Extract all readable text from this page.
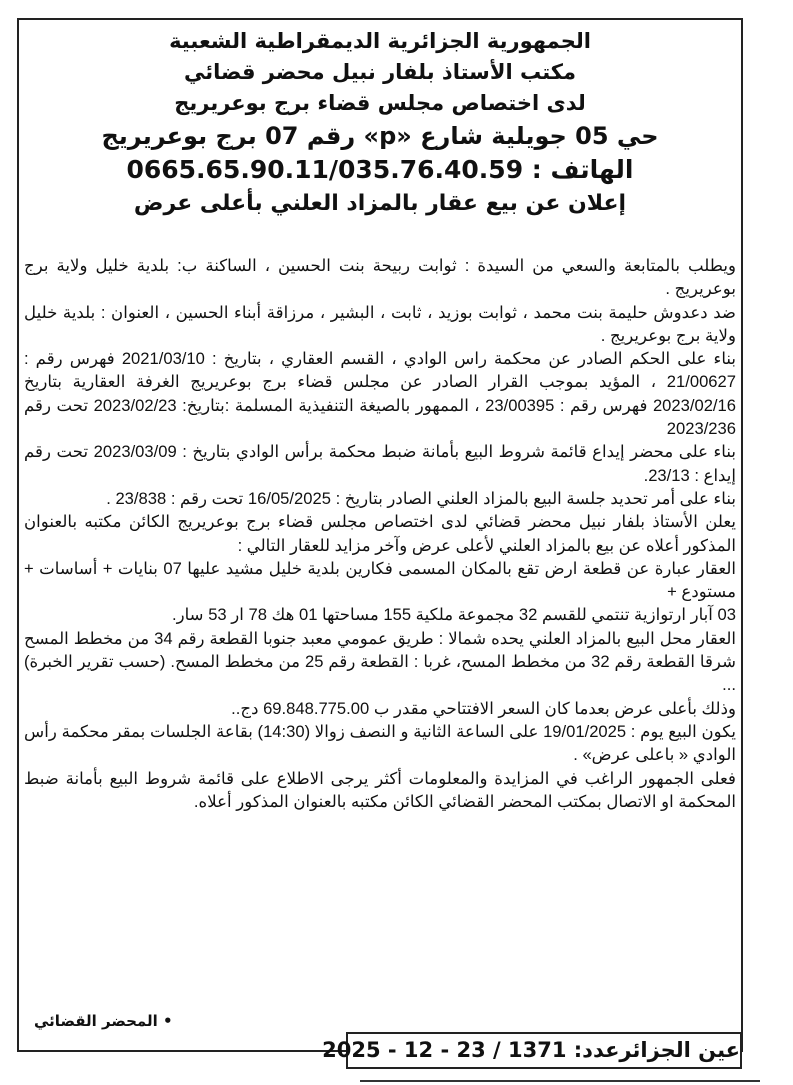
الجمهورية الجزائرية الديمقراطية الشعبية
مكتب الأستاذ بلفار نبيل محضر قضائي
لدى اختصاص مجلس قضاء برج بوعريريج
حي 05 جويلية شارع «p» رقم 07 برج بوعريريج
الهاتف : 0665.65.90.11/035.76.40.59
إعلان عن بيع عقار بالمزاد العلني بأعلى عرض

ويطلب بالمتابعة والسعي من السيدة : ثوابت ربيحة بنت الحسين ، الساكنة ب: بلدية خليل ولاية برج بوعريريج .

ضد دعدوش حليمة بنت محمد ، ثوابت بوزيد ، ثابت ، البشير ، مرزاقة أبناء الحسين ، العنوان : بلدية خليل ولاية برج بوعريريج .

بناء على الحكم الصادر عن محكمة راس الوادي ، القسم العقاري ، بتاريخ : 2021/03/10 فهرس رقم : 21/00627 ، المؤيد بموجب القرار الصادر عن مجلس قضاء برج بوعريريج الغرفة العقارية بتاريخ 2023/02/16 فهرس رقم : 23/00395 ، الممهور بالصيغة التنفيذية المسلمة :بتاريخ: 2023/02/23 تحت رقم 2023/236

بناء على محضر إيداع قائمة شروط البيع بأمانة ضبط محكمة برأس الوادي بتاريخ : 2023/03/09 تحت رقم إيداع : 23/13.

بناء على أمر تحديد جلسة البيع بالمزاد العلني الصادر بتاريخ : 16/05/2025 تحت رقم : 23/838 .

يعلن الأستاذ بلفار نبيل محضر قضائي لدى اختصاص مجلس قضاء برج بوعريريج الكائن مكتبه بالعنوان المذكور أعلاه عن بيع بالمزاد العلني لأعلى عرض وآخر مزايد للعقار التالي :

العقار عبارة عن قطعة ارض تقع بالمكان المسمى فكارين بلدية خليل مشيد عليها 07 بنايات + أساسات + مستودع +

03 آبار ارتوازية تنتمي للقسم 32 مجموعة ملكية 155 مساحتها 01 هك 78 ار 53 سار.

العقار محل البيع بالمزاد العلني يحده شمالا : طريق عمومي معبد جنوبا القطعة رقم 34 من مخطط المسح شرقا القطعة رقم 32 من مخطط المسح، غربا : القطعة رقم 25 من مخطط المسح. (حسب تقرير الخبرة) ...

وذلك بأعلى عرض بعدما كان السعر الافتتاحي مقدر ب 69.848.775.00 دج..

يكون البيع يوم : 19/01/2025 على الساعة الثانية و النصف زوالا (14:30) بقاعة الجلسات بمقر محكمة رأس الوادي « باعلى عرض» .

فعلى الجمهور الراغب في المزايدة والمعلومات أكثر يرجى الاطلاع على قائمة شروط البيع بأمانة ضبط المحكمة او الاتصال بمكتب المحضر القضائي الكائن مكتبه بالعنوان المذكور أعلاه.

• المحضر القضائي
عين الجزائرعدد: 1371 / 23 - 12 - 2025
